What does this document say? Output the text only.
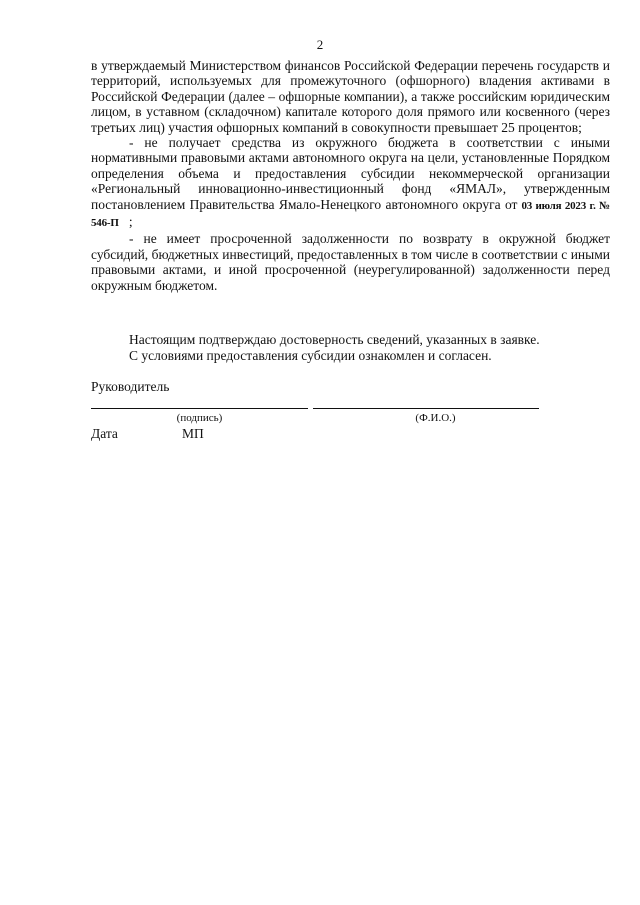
2

в утверждаемый Министерством финансов Российской Федерации перечень государств и территорий, используемых для промежуточного (офшорного) владения активами в Российской Федерации (далее – офшорные компании), а также российским юридическим лицом, в уставном (складочном) капитале которого доля прямого или косвенного (через третьих лиц) участия офшорных компаний в совокупности превышает 25 процентов;

- не получает средства из окружного бюджета в соответствии с иными нормативными правовыми актами автономного округа на цели, установленные Порядком определения объема и предоставления субсидии некоммерческой организации «Региональный инновационно-инвестиционный фонд «ЯМАЛ», утвержденным постановлением Правительства Ямало-Ненецкого автономного округа от 03 июля 2023 г. № 546-П ;

- не имеет просроченной задолженности по возврату в окружной бюджет субсидий, бюджетных инвестиций, предоставленных в том числе в соответствии с иными правовыми актами, и иной просроченной (неурегулированной) задолженности перед окружным бюджетом.

Настоящим подтверждаю достоверность сведений, указанных в заявке.

С условиями предоставления субсидии ознакомлен и согласен.

Руководитель
(подпись)	(Ф.И.О.)
Дата	МП
